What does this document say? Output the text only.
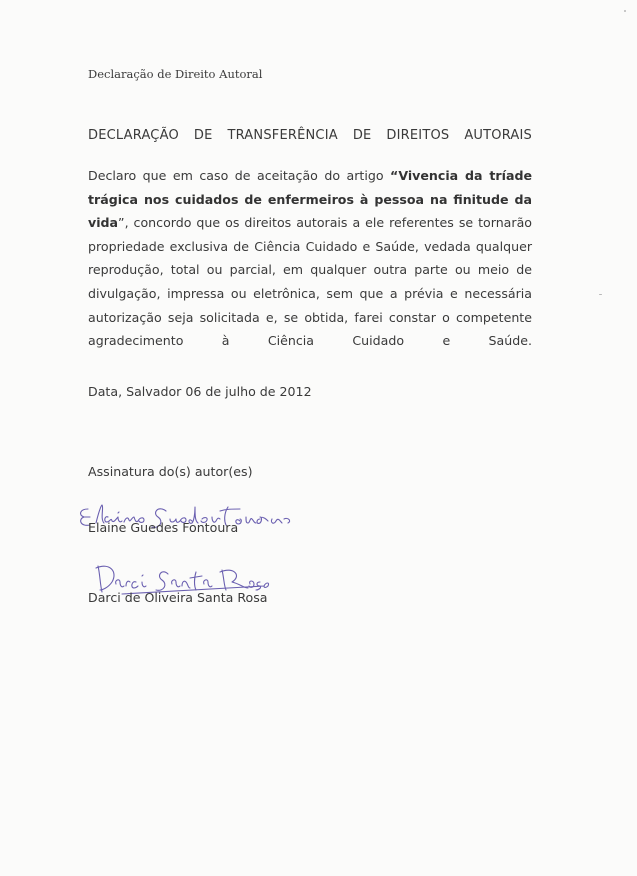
Declaração de Direito Autoral
DECLARAÇÃO DE TRANSFERÊNCIA DE DIREITOS AUTORAIS
Declaro que em caso de aceitação do artigo “Vivencia da tríade trágica nos cuidados de enfermeiros à pessoa na finitude da vida”, concordo que os direitos autorais a ele referentes se tornarão propriedade exclusiva de Ciência Cuidado e Saúde, vedada qualquer reprodução, total ou parcial, em qualquer outra parte ou meio de divulgação, impressa ou eletrônica, sem que a prévia e necessária autorização seja solicitada e, se obtida, farei constar o competente agradecimento à Ciência Cuidado e Saúde.
Data, Salvador 06 de julho de 2012
Assinatura do(s) autor(es)
Elaine Guedes Fontoura
Darci de Oliveira Santa Rosa
